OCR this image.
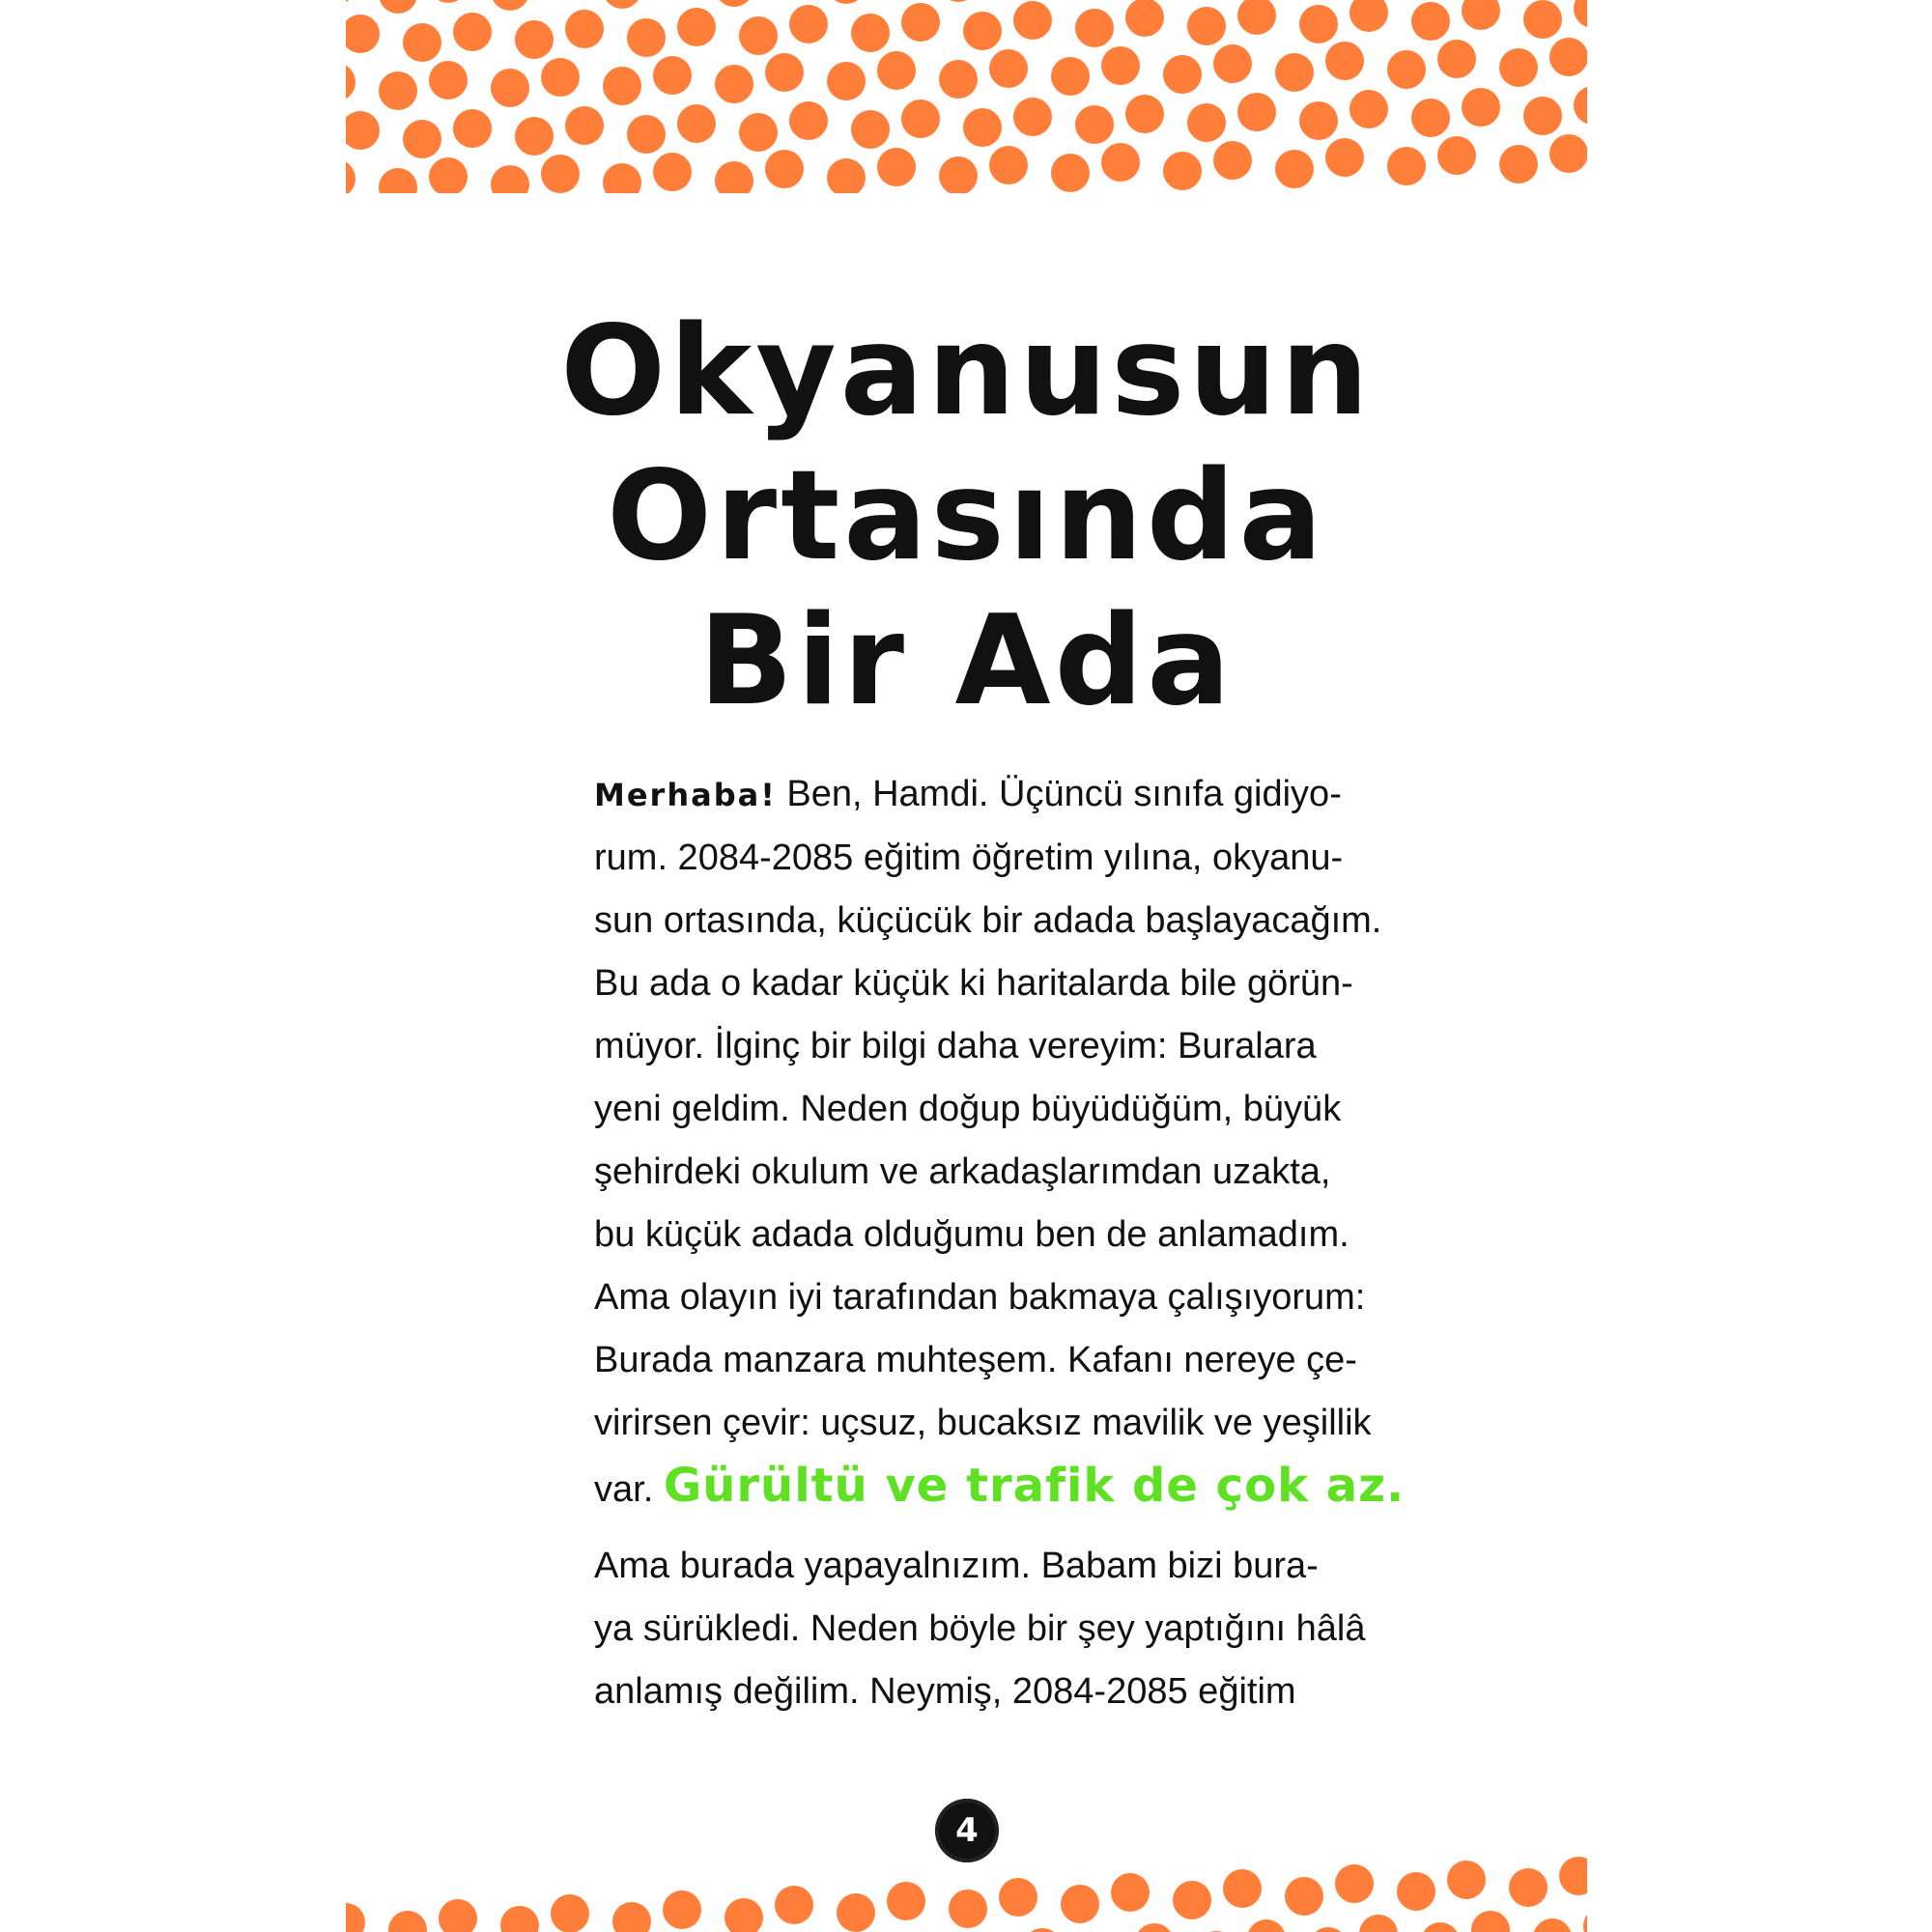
Okyanusun
Ortasında
Bir Ada

Merhaba! Ben, Hamdi. Üçüncü sınıfa gidiyo-
rum. 2084-2085 eğitim öğretim yılına, okyanu-
sun ortasında, küçücük bir adada başlayacağım.
Bu ada o kadar küçük ki haritalarda bile görün-
müyor. İlginç bir bilgi daha vereyim: Buralara
yeni geldim. Neden doğup büyüdüğüm, büyük
şehirdeki okulum ve arkadaşlarımdan uzakta,
bu küçük adada olduğumu ben de anlamadım.
Ama olayın iyi tarafından bakmaya çalışıyorum:
Burada manzara muhteşem. Kafanı nereye çe-
virirsen çevir: uçsuz, bucaksız mavilik ve yeşillik
var. Gürültü ve trafik de çok az.

Ama burada yapayalnızım. Babam bizi bura-
ya sürükledi. Neden böyle bir şey yaptığını hâlâ
anlamış değilim. Neymiş, 2084-2085 eğitim

4
